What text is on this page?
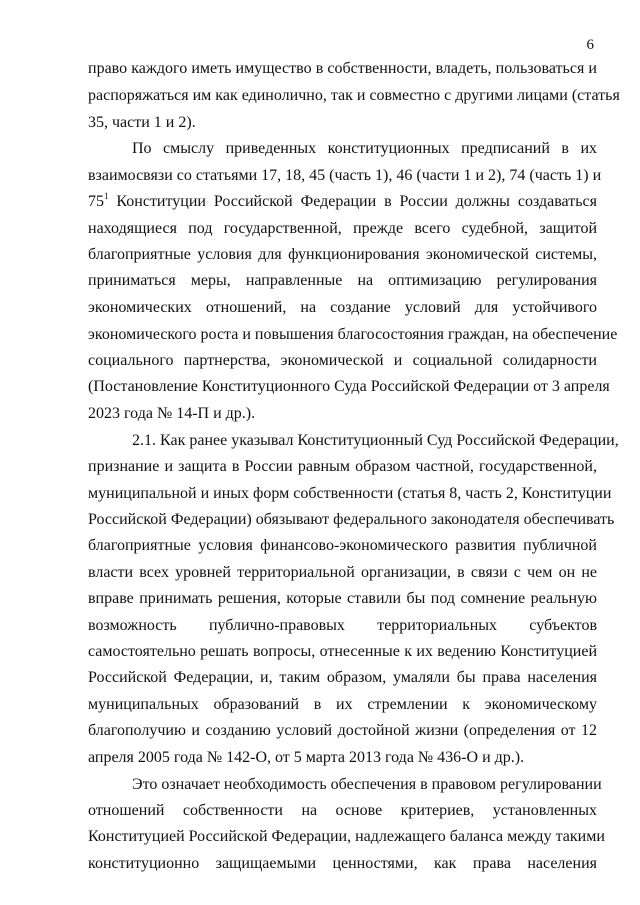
6
право каждого иметь имущество в собственности, владеть, пользоваться и
распоряжаться им как единолично, так и совместно с другими лицами (статья
35, части 1 и 2).
По смыслу приведенных конституционных предписаний в их
взаимосвязи со статьями 17, 18, 45 (часть 1), 46 (части 1 и 2), 74 (часть 1) и
$75^1$ Конституции Российской Федерации в России должны создаваться
находящиеся под государственной, прежде всего судебной, защитой
благоприятные условия для функционирования экономической системы,
приниматься меры, направленные на оптимизацию регулирования
экономических отношений, на создание условий для устойчивого
экономического роста и повышения благосостояния граждан, на обеспечение
социального партнерства, экономической и социальной солидарности
(Постановление Конституционного Суда Российской Федерации от 3 апреля
2023 года № 14-П и др.).
2.1. Как ранее указывал Конституционный Суд Российской Федерации,
признание и защита в России равным образом частной, государственной,
муниципальной и иных форм собственности (статья 8, часть 2, Конституции
Российской Федерации) обязывают федерального законодателя обеспечивать
благоприятные условия финансово-экономического развития публичной
власти всех уровней территориальной организации, в связи с чем он не
вправе принимать решения, которые ставили бы под сомнение реальную
возможность публично-правовых территориальных субъектов
самостоятельно решать вопросы, отнесенные к их ведению Конституцией
Российской Федерации, и, таким образом, умаляли бы права населения
муниципальных образований в их стремлении к экономическому
благополучию и созданию условий достойной жизни (определения от 12
апреля 2005 года № 142-О, от 5 марта 2013 года № 436-О и др.).
Это означает необходимость обеспечения в правовом регулировании
отношений собственности на основе критериев, установленных
Конституцией Российской Федерации, надлежащего баланса между такими
конституционно защищаемыми ценностями, как права населения
